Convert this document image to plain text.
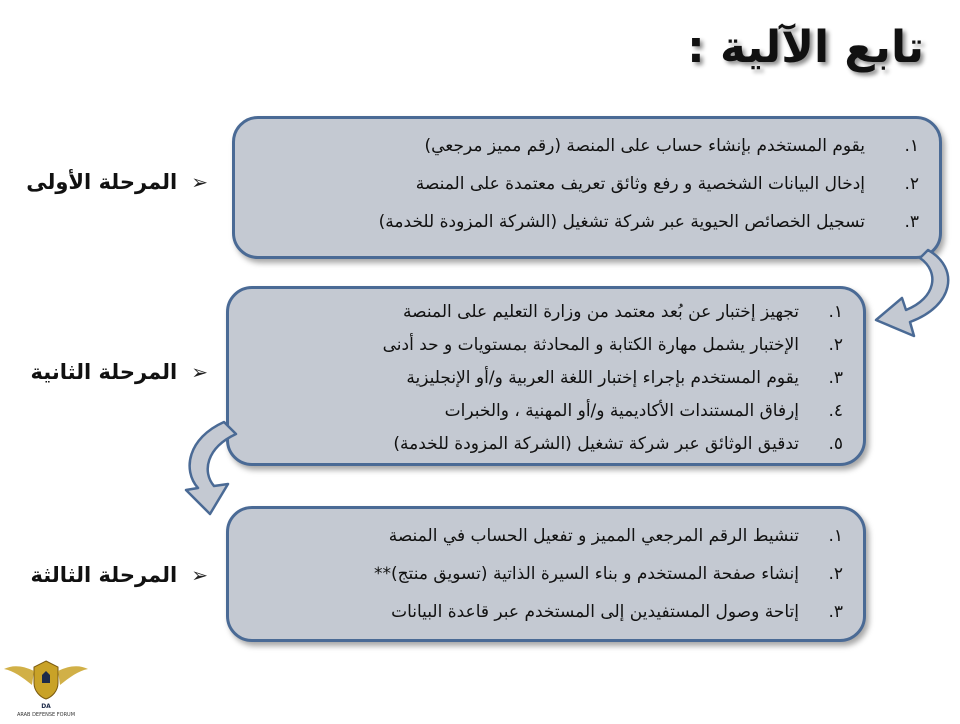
تابع الآلية :
➢
المرحلة الأولى
١.
يقوم المستخدم بإنشاء حساب على المنصة (رقم مميز مرجعي)
٢.
إدخال البيانات الشخصية و رفع وثائق تعريف معتمدة على المنصة
٣.
تسجيل الخصائص الحيوية عبر شركة تشغيل (الشركة المزودة للخدمة)
➢
المرحلة الثانية
١.
تجهيز إختبار عن بُعد معتمد من وزارة التعليم على المنصة
٢.
الإختبار يشمل مهارة الكتابة و المحادثة بمستويات و حد أدنى
٣.
يقوم المستخدم بإجراء إختبار اللغة العربية و/أو الإنجليزية
٤.
إرفاق المستندات الأكاديمية و/أو المهنية ، والخبرات
٥.
تدقيق الوثائق عبر شركة تشغيل (الشركة المزودة للخدمة)
➢
المرحلة الثالثة
١.
تنشيط الرقم المرجعي المميز و تفعيل الحساب في المنصة
٢.
إنشاء صفحة المستخدم و بناء السيرة الذاتية (تسويق منتج)**
٣.
إتاحة وصول المستفيدين إلى المستخدم عبر قاعدة البيانات
DA
ARAB DEFENSE FORUM
